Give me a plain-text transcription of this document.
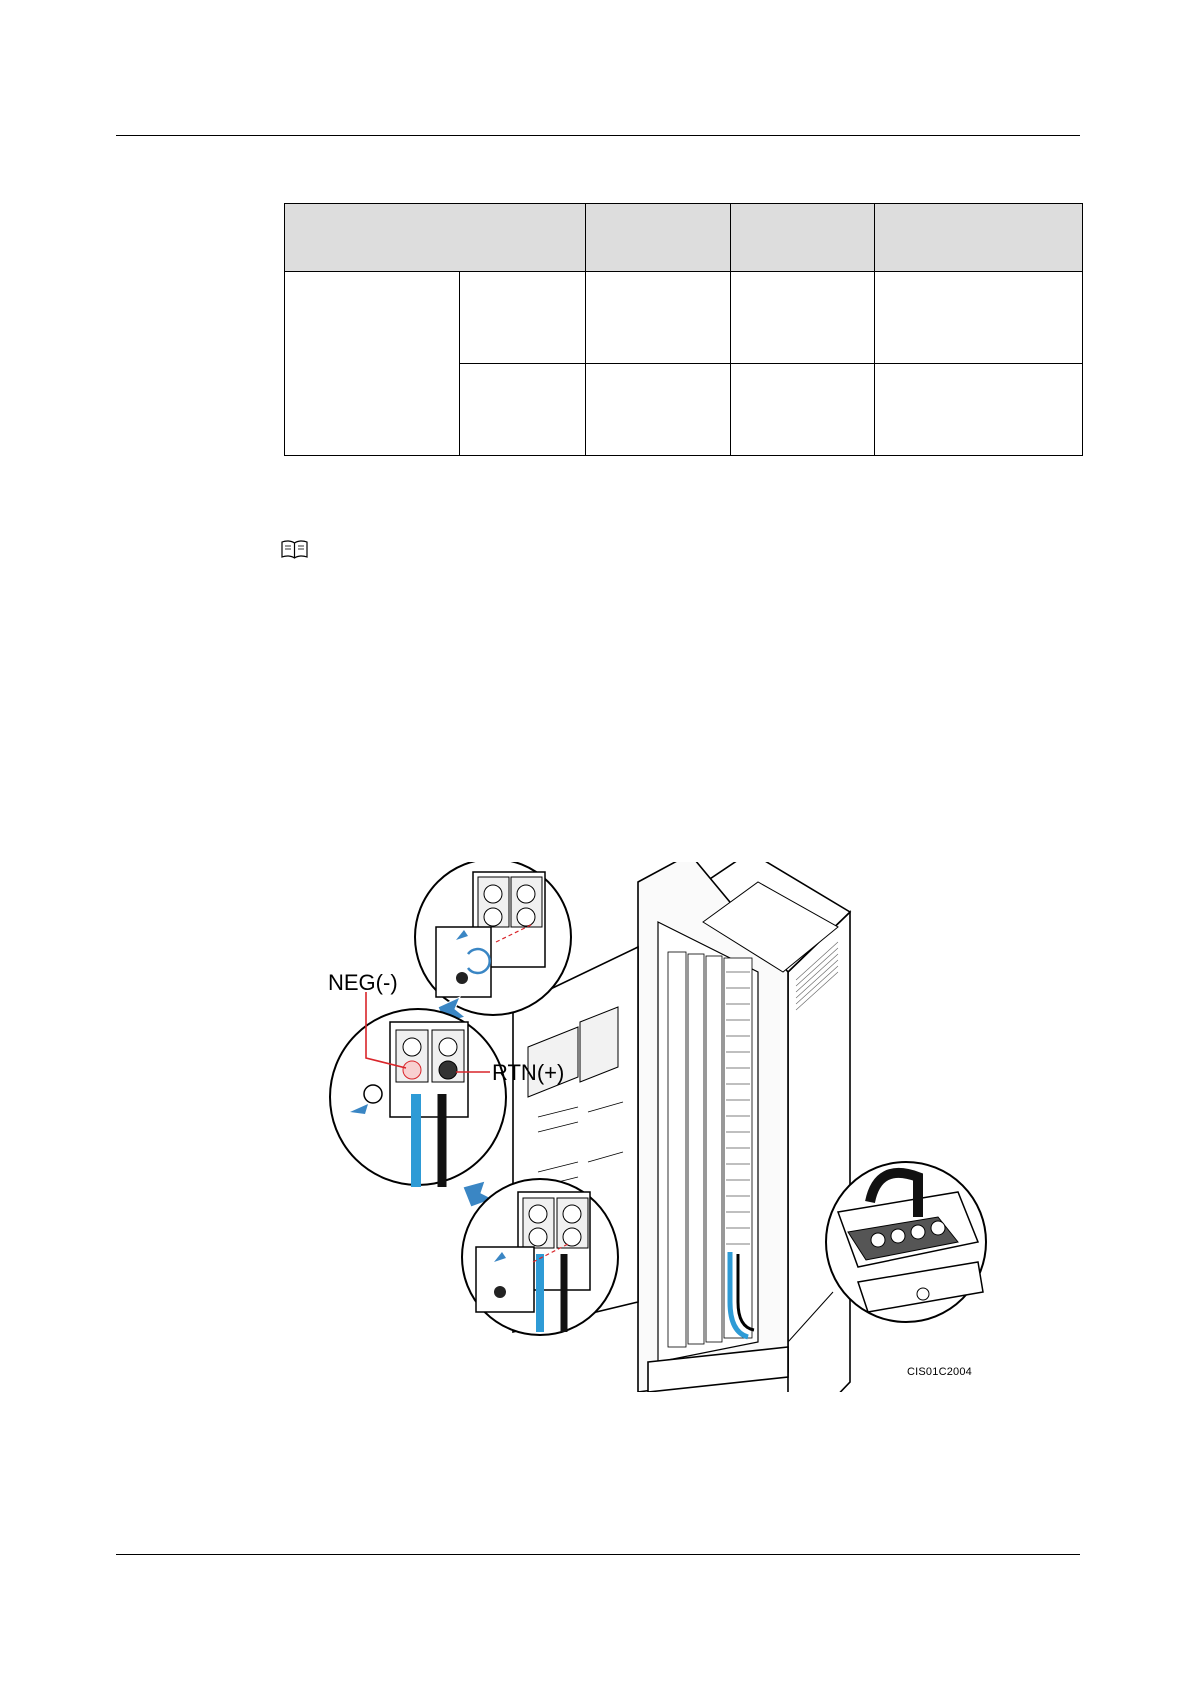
NEG(-)
RTN(+)
CIS01C2004
